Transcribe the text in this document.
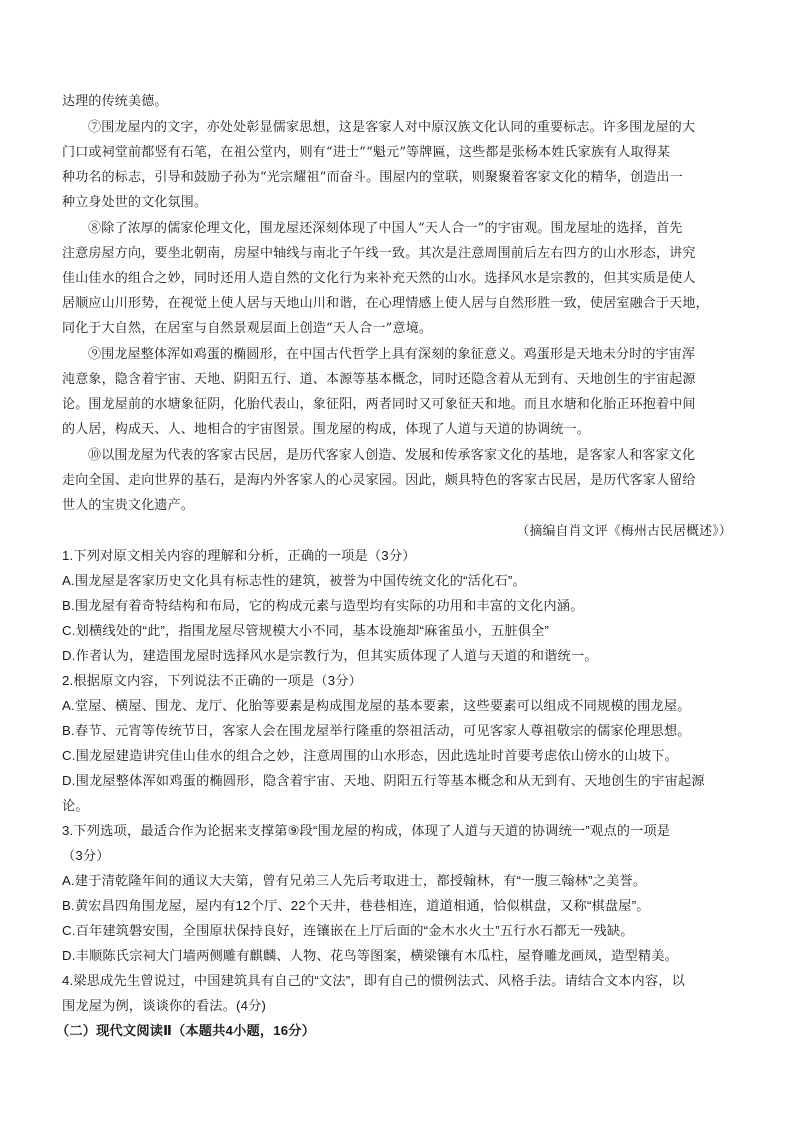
达理的传统美德。
⑦围龙屋内的文字，亦处处彰显儒家思想，这是客家人对中原汉族文化认同的重要标志。许多围龙屋的大
门口或祠堂前都竖有石笔，在祖公堂内，则有“进士”“魁元”等牌匾，这些都是张杨本姓氏家族有人取得某
种功名的标志，引导和鼓励子孙为“光宗耀祖”而奋斗。围屋内的堂联，则聚聚着客家文化的精华，创造出一
种立身处世的文化氛围。
⑧除了浓厚的儒家伦理文化，围龙屋还深刻体现了中国人“天人合一”的宇宙观。围龙屋址的选择，首先
注意房屋方向，要坐北朝南，房屋中轴线与南北子午线一致。其次是注意周围前后左右四方的山水形态，讲究
佳山佳水的组合之妙，同时还用人造自然的文化行为来补充天然的山水。选择风水是宗教的，但其实质是使人
居顺应山川形势，在视觉上使人居与天地山川和谐，在心理情感上使人居与自然形胜一致，使居室融合于天地，
同化于大自然，在居室与自然景观层面上创造“天人合一”意境。
⑨围龙屋整体浑如鸡蛋的椭圆形，在中国古代哲学上具有深刻的象征意义。鸡蛋形是天地未分时的宇宙浑
沌意象，隐含着宇宙、天地、阴阳五行、道、本源等基本概念，同时还隐含着从无到有、天地创生的宇宙起源
论。围龙屋前的水塘象征阴，化胎代表山，象征阳，两者同时又可象征天和地。而且水塘和化胎正环抱着中间
的人居，构成天、人、地相合的宇宙图景。围龙屋的构成，体现了人道与天道的协调统一。
⑩以围龙屋为代表的客家古民居，是历代客家人创造、发展和传承客家文化的基地，是客家人和客家文化
走向全国、走向世界的基石，是海内外客家人的心灵家园。因此，颇具特色的客家古民居，是历代客家人留给
世人的宝贵文化遗产。
（摘编自肖文评《梅州古民居概述》）
1.下列对原文相关内容的理解和分析，正确的一项是（3分）
A.围龙屋是客家历史文化具有标志性的建筑，被誉为中国传统文化的“活化石”。
B.围龙屋有着奇特结构和布局，它的构成元素与造型均有实际的功用和丰富的文化内涵。
C.划横线处的“此”，指围龙屋尽管规模大小不同，基本设施却“麻雀虽小，五脏俱全”
D.作者认为，建造围龙屋时选择风水是宗教行为，但其实质体现了人道与天道的和谐统一。
2.根据原文内容，下列说法不正确的一项是（3分）
A.堂屋、横屋、围龙、龙厅、化胎等要素是构成围龙屋的基本要素，这些要素可以组成不同规模的围龙屋。
B.春节、元宵等传统节日，客家人会在围龙屋举行隆重的祭祖活动，可见客家人尊祖敬宗的儒家伦理思想。
C.围龙屋建造讲究佳山佳水的组合之妙，注意周围的山水形态，因此选址时首要考虑依山傍水的山坡下。
D.围龙屋整体浑如鸡蛋的椭圆形，隐含着宇宙、天地、阴阳五行等基本概念和从无到有、天地创生的宇宙起源
论。
3.下列选项，最适合作为论据来支撑第⑨段“围龙屋的构成，体现了人道与天道的协调统一”观点的一项是
（3分）
A.建于清乾隆年间的通议大夫第，曾有兄弟三人先后考取进士，都授翰林，有“一腹三翰林”之美誉。
B.黄宏昌四角围龙屋，屋内有12个厅、22个天井，巷巷相连，道道相通，恰似棋盘，又称“棋盘屋”。
C.百年建筑磐安围，全围原状保持良好，连镶嵌在上厅后面的“金木水火土”五行水石都无一残缺。
D.丰顺陈氏宗祠大门墙两侧雕有麒麟、人物、花鸟等图案，横梁镶有木瓜柱，屋脊雕龙画凤，造型精美。
4.梁思成先生曾说过，中国建筑具有自己的“文法”，即有自己的惯例法式、风格手法。请结合文本内容，以
围龙屋为例，谈谈你的看法。(4分)
（二）现代文阅读Ⅱ（本题共4小题，16分）
